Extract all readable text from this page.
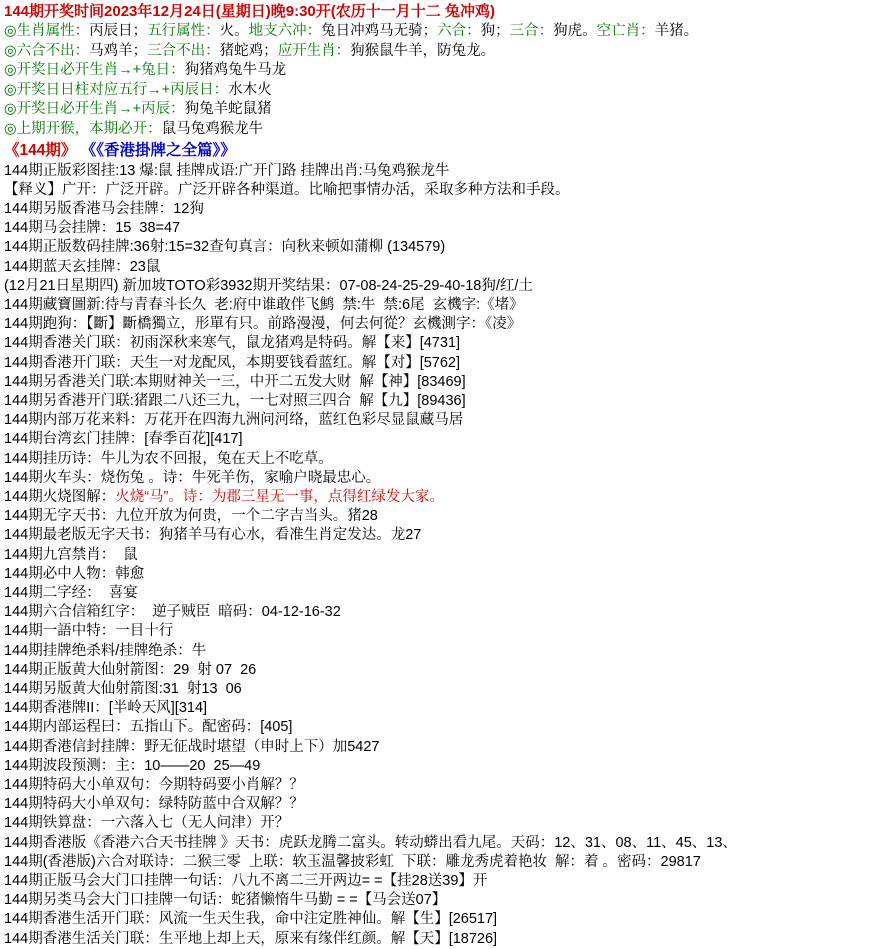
144期开奖时间2023年12月24日(星期日)晚9:30开(农历十一月十二 兔冲鸡)
◎生肖属性：丙辰日；五行属性：火。地支六冲：兔日冲鸡马无骑；六合：狗；三合：狗虎。空亡肖：羊猪。
◎六合不出：马鸡羊；三合不出：猪蛇鸡；应开生肖：狗猴鼠牛羊，防兔龙。
◎开奖日必开生肖→+兔日：狗猪鸡兔牛马龙
◎开奖日日柱对应五行→+丙辰日：水木火
◎开奖日必开生肖→+丙辰：狗兔羊蛇鼠猪
◎上期开猴，本期必开：鼠马兔鸡猴龙牛
《144期》 《《香港掛牌之全篇》》
144期正版彩图挂:13 爆:鼠 挂牌成语:广开门路 挂牌出肖:马兔鸡猴龙牛
【释义】广开：广泛开辟。广泛开辟各种渠道。比喻把事情办活，采取多种方法和手段。
144期另版香港马会挂牌：12狗
144期马会挂牌：15  38=47
144期正版数码挂牌:36射:15=32查句真言：向秋来顿如蒲柳 (134579)
144期蓝天玄挂牌：23鼠
(12月21日星期四) 新加坡TOTO彩3932期开奖结果：07-08-24-25-29-40-18狗/红/土
144期藏寶圖新:待与青春斗长久  老:府中谁敢伴飞鹪  禁:牛  禁:6尾  玄機字:《堵》
144期跑狗：【斷】斷橋獨立，形單有只。前路漫漫，何去何從？玄機測字：《凌》
144期香港关门联：初雨深秋来寒气，鼠龙猪鸡是特码。解【来】[4731]
144期香港开门联：天生一对龙配凤，本期要钱看蓝红。解【对】[5762]
144期另香港关门联:本期财神关一三，中开二五发大财  解【神】[83469]
144期另香港开门联:猪跟二八还三九，一七对照三四合  解【九】[89436]
144期内部万花来料：万花开在四海九洲问河络，蓝红色彩尽显鼠藏马居
144期台湾玄门挂牌：[春季百花][417]
144期挂历诗：牛儿为农不回报，兔在天上不吃草。
144期火车头：烧伤兔 。诗：牛死羊伤，家喻户晓最忠心。
144期火烧图解：火烧“马”。诗：为郡三星无一事，点得红绿发大家。
144期无字天书：九位开放为何贵，一个二字吉当头。猪28
144期最老版无字天书：狗猪羊马有心水，看准生肖定发达。龙27
144期九宫禁肖：  鼠
144期必中人物：韩愈
144期二字经：  喜宴
144期六合信箱红字：  逆子贼臣  暗码：04-12-16-32
144期一語中特：一目十行
144期挂牌绝杀料/挂牌绝杀：牛
144期正版黄大仙射箭图：29  射 07  26
144期另版黄大仙射箭图:31  射13  06
144期香港牌II：[半岭天风][314]
144期内部运程曰：五指山下。配密码：[405]
144期香港信封挂牌：野无征战时堪望（申时上下）加5427
144期波段预测：主：10——20  25—49
144期特码大小单双句：今期特码要小肖解？？
144期特码大小单双句：绿特防蓝中合双解？？
144期铁算盘：一六落入七（无人问津）开？
144期香港版《香港六合天书挂牌 》天书：虎跃龙腾二富头。转动蟒出看九尾。天码：12、31、08、11、45、13、
144期(香港版)六合对联诗：二猴三零  上联：软玉温馨披彩虹  下联：雕龙秀虎着艳妆  解：着 。密码：29817
144期正版马会大门口挂牌一句话：八九不离二三开两边= =【挂28送39】开
144期另类马会大门口挂牌一句话：蛇猪懒惰牛马勤 = =【马会送07】
144期香港生活开门联：风流一生天生我，命中注定胜神仙。解【生】[26517]
144期香港生活关门联：生平地上却上天，原来有缘伴红颜。解【天】[18726]
